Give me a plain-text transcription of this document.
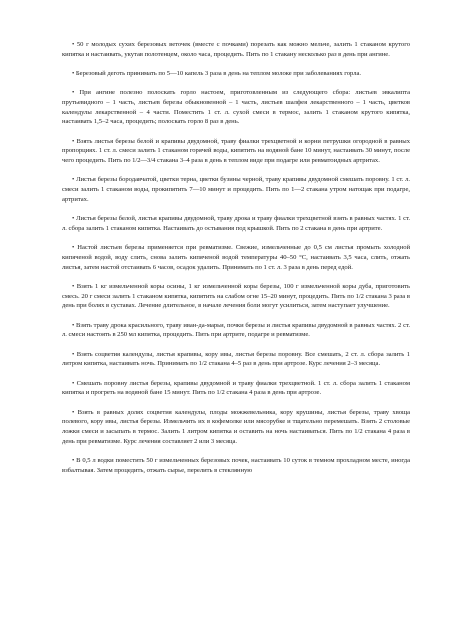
• 50 г молодых сухих березовых веточек (вместе с почками) порезать как можно мельче, залить 1 стаканом крутого кипятка и настаивать, укутав полотенцем, около часа, процедить. Пить по 1 стакану несколько раз в день при ангине.

• Березовый деготь принимать по 5—10 капель 3 раза в день на теплом молоке при заболеваниях горла.

• При ангине полезно полоскать горло настоем, приготовленным из следующего сбора: листьев эвкалипта прутьевидного – 1 часть, листьев березы обыкновенной – 1 часть, листьев шалфея лекарственного – 1 часть, цветков календулы лекарственной – 4 части. Поместить 1 ст. л. сухой смеси в термос, залить 1 стаканом крутого кипятка, настаивать 1,5–2 часа, процедить; полоскать горло 8 раз в день.

• Взять листья березы белой и крапивы двудомной, траву фиалки трехцветной и корни петрушки огородной в равных пропорциях. 1 ст. л. смеси залить 1 стаканом горячей воды, кипятить на водяной бане 10 минут, настаивать 30 минут, после чего процедить. Пить по 1/2—3/4 стакана 3–4 раза в день в теплом виде при подагре или ревматоидных артритах.

• Листья березы бородавчатой, цветки терна, цветки бузины черной, траву крапивы двудомной смешать поровну. 1 ст. л. смеси залить 1 стаканом воды, прокипятить 7—10 минут и процедить. Пить по 1—2 стакана утром натощак при подагре, артритах.

• Листья березы белой, листья крапивы двудомной, траву дрока и траву фиалки трехцветной взять в равных частях. 1 ст. л. сбора залить 1 стаканом кипятка. Настаивать до остывания под крышкой. Пить по 2 стакана в день при артрите.

• Настой листьев березы применяется при ревматизме. Свежие, измельченные до 0,5 см листья промыть холодной кипяченой водой, воду слить, снова залить кипяченой водой температуры 40–50 °С, настаивать 3,5 часа, слить, отжать листья, затем настой отстаивать 6 часов, осадок удалить. Принимать по 1 ст. л. 3 раза в день перед едой.

• Взять 1 кг измельченной коры осины, 1 кг измельченной коры березы, 100 г измельченной коры дуба, приготовить смесь. 20 г смеси залить 1 стаканом кипятка, кипятить на слабом огне 15–20 минут, процедить. Пить по 1/2 стакана 3 раза в день при болях в суставах. Лечение длительное, в начале лечения боли могут усилиться, затем наступает улучшение.

• Взять траву дрока красильного, траву иван-да-марьи, почки березы и листья крапивы двудомной в равных частях. 2 ст. л. смеси настоять в 250 мл кипятка, процедить. Пить при артрите, подагре и ревматизме.

• Взять соцветия календулы, листья крапивы, кору ивы, листья березы поровну. Все смешать, 2 ст. л. сбора залить 1 литром кипятка, настаивать ночь. Принимать по 1/2 стакана 4–5 раз в день при артрозе. Курс лечения 2–3 месяца.

• Смешать поровну листья березы, крапивы двудомной и траву фиалки трехцветной. 1 ст. л. сбора залить 1 стаканом кипятка и прогреть на водяной бане 15 минут. Пить по 1/2 стакана 4 раза в день при артрозе.

• Взять в равных долях соцветия календулы, плоды можжевельника, кору крушины, листья березы, траву хвоща полевого, кору ивы, листья березы. Измельчить их в кофемолке или мясорубке и тщательно перемешать. Взять 2 столовые ложки смеси и засыпать в термос. Залить 1 литром кипятка и оставить на ночь настаиваться. Пить по 1/2 стакана 4 раза в день при ревматизме. Курс лечения составляет 2 или 3 месяца.

• В 0,5 л водки поместить 50 г измельченных березовых почек, настаивать 10 суток в темном прохладном месте, иногда взбалтывая. Затем процедить, отжать сырье, перелить в стеклянную
